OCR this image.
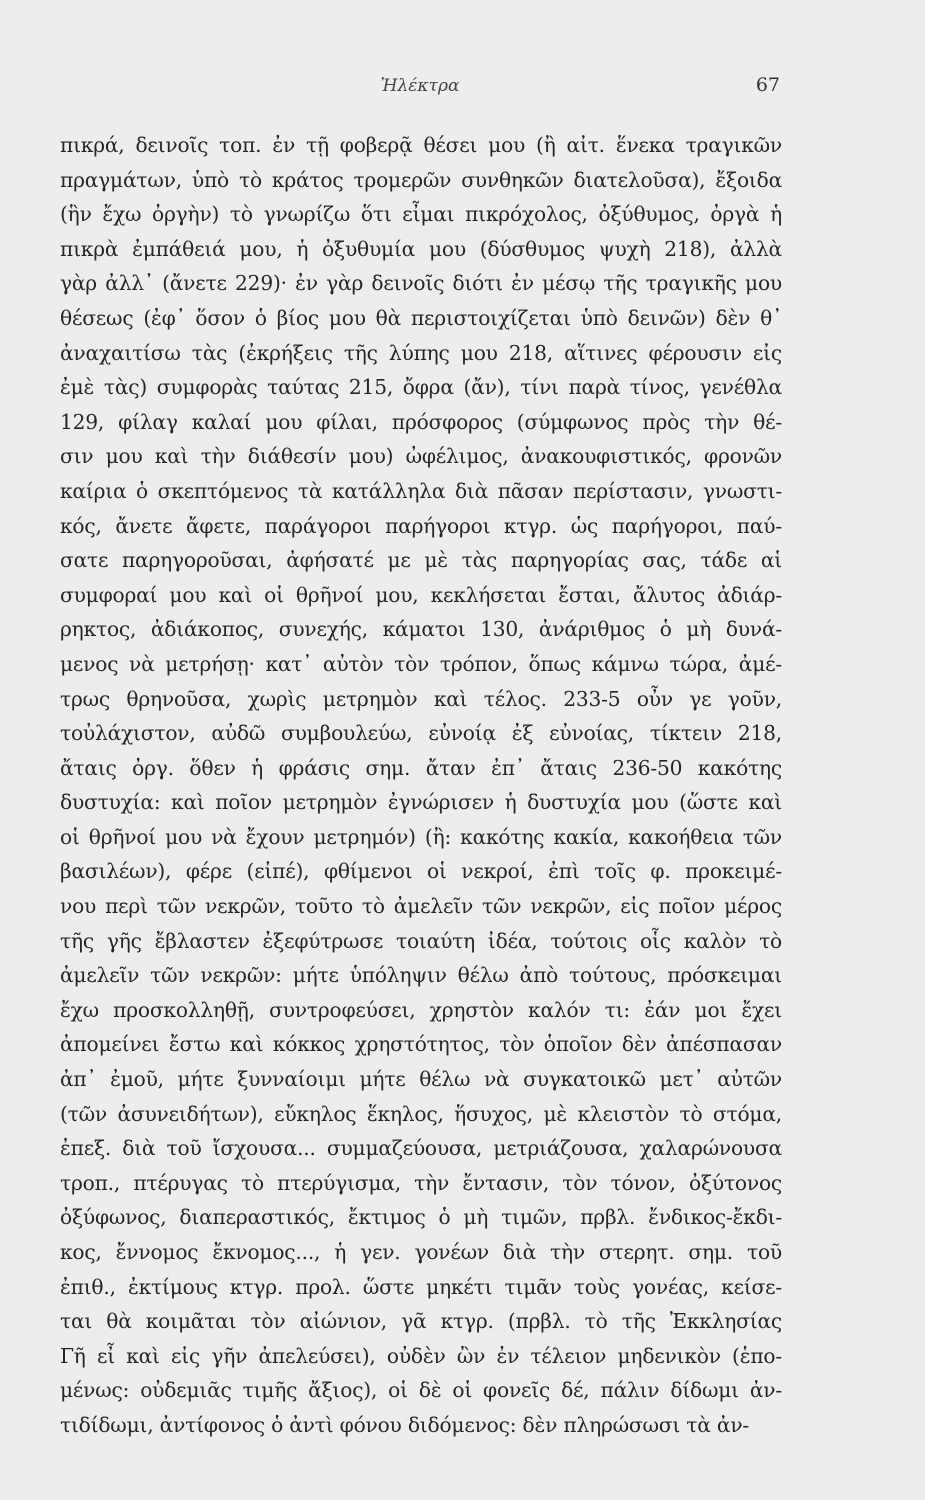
Ἠλέκτρα	67
πικρά, δεινοῖς τοπ. ἐν τῇ φοβερᾷ θέσει μου (ἢ αἰτ. ἕνεκα τραγικῶν
πραγμάτων, ὑπὸ τὸ κράτος τρομερῶν συνθηκῶν διατελοῦσα), ἔξοιδα
(ἣν ἔχω ὀργὴν) τὸ γνωρίζω ὅτι εἶμαι πικρόχολος, ὀξύθυμος, ὀργὰ ἡ
πικρὰ ἐμπάθειά μου, ἡ ὀξυθυμία μου (δύσθυμος ψυχὴ 218), ἀλλὰ
γὰρ ἀλλ᾽ (ἄνετε 229)· ἐν γὰρ δεινοῖς διότι ἐν μέσῳ τῆς τραγικῆς μου
θέσεως (ἐφ᾽ ὅσον ὁ βίος μου θὰ περιστοιχίζεται ὑπὸ δεινῶν) δὲν θ᾽
ἀναχαιτίσω τὰς (ἐκρήξεις τῆς λύπης μου 218, αἵτινες φέρουσιν εἰς
ἐμὲ τὰς) συμφορὰς ταύτας 215, ὄφρα (ἄν), τίνι παρὰ τίνος, γενέθλα
129, φίλαγ καλαί μου φίλαι, πρόσφορος (σύμφωνος πρὸς τὴν θέ-
σιν μου καὶ τὴν διάθεσίν μου) ὠφέλιμος, ἀνακουφιστικός, φρονῶν
καίρια ὁ σκεπτόμενος τὰ κατάλληλα διὰ πᾶσαν περίστασιν, γνωστι-
κός, ἄνετε ἄφετε, παράγοροι παρήγοροι κτγρ. ὡς παρήγοροι, παύ-
σατε παρηγοροῦσαι, ἀφήσατέ με μὲ τὰς παρηγορίας σας, τάδε αἱ
συμφοραί μου καὶ οἱ θρῆνοί μου, κεκλήσεται ἔσται, ἄλυτος ἀδιάρ-
ρηκτος, ἀδιάκοπος, συνεχής, κάματοι 130, ἀνάριθμος ὁ μὴ δυνά-
μενος νὰ μετρήσῃ· κατ᾽ αὐτὸν τὸν τρόπον, ὅπως κάμνω τώρα, ἀμέ-
τρως θρηνοῦσα, χωρὶς μετρημὸν καὶ τέλος. 233-5 οὖν γε γοῦν,
τοὐλάχιστον, αὐδῶ συμβουλεύω, εὐνοίᾳ ἐξ εὐνοίας, τίκτειν 218,
ἄταις ὀργ. ὅθεν ἡ φράσις σημ. ἄταν ἐπ᾽ ἄταις 236-50 κακότης
δυστυχία: καὶ ποῖον μετρημὸν ἐγνώρισεν ἡ δυστυχία μου (ὥστε καὶ
οἱ θρῆνοί μου νὰ ἔχουν μετρημόν) (ἢ: κακότης κακία, κακοήθεια τῶν
βασιλέων), φέρε (εἰπέ), φθίμενοι οἱ νεκροί, ἐπὶ τοῖς φ. προκειμέ-
νου περὶ τῶν νεκρῶν, τοῦτο τὸ ἀμελεῖν τῶν νεκρῶν, εἰς ποῖον μέρος
τῆς γῆς ἔβλαστεν ἐξεφύτρωσε τοιαύτη ἰδέα, τούτοις οἷς καλὸν τὸ
ἀμελεῖν τῶν νεκρῶν: μήτε ὑπόληψιν θέλω ἀπὸ τούτους, πρόσκειμαι
ἔχω προσκολληθῇ, συντροφεύσει, χρηστὸν καλόν τι: ἐάν μοι ἔχει
ἀπομείνει ἔστω καὶ κόκκος χρηστότητος, τὸν ὁποῖον δὲν ἀπέσπασαν
ἀπ᾽ ἐμοῦ, μήτε ξυνναίοιμι μήτε θέλω νὰ συγκατοικῶ μετ᾽ αὐτῶν
(τῶν ἀσυνειδήτων), εὔκηλος ἕκηλος, ἥσυχος, μὲ κλειστὸν τὸ στόμα,
ἐπεξ. διὰ τοῦ ἴσχουσα... συμμαζεύουσα, μετριάζουσα, χαλαρώνουσα
τροπ., πτέρυγας τὸ πτερύγισμα, τὴν ἔντασιν, τὸν τόνον, ὀξύτονος
ὀξύφωνος, διαπεραστικός, ἔκτιμος ὁ μὴ τιμῶν, πρβλ. ἔνδικος-ἔκδι-
κος, ἔννομος ἔκνομος..., ἡ γεν. γονέων διὰ τὴν στερητ. σημ. τοῦ
ἐπιθ., ἐκτίμους κτγρ. προλ. ὥστε μηκέτι τιμᾶν τοὺς γονέας, κείσε-
ται θὰ κοιμᾶται τὸν αἰώνιον, γᾶ κτγρ. (πρβλ. τὸ τῆς Ἐκκλησίας
Γῆ εἶ καὶ εἰς γῆν ἀπελεύσει), οὐδὲν ὢν ἐν τέλειον μηδενικὸν (ἑπο-
μένως: οὐδεμιᾶς τιμῆς ἄξιος), οἱ δὲ οἱ φονεῖς δέ, πάλιν δίδωμι ἀν-
τιδίδωμι, ἀντίφονος ὁ ἀντὶ φόνου διδόμενος: δὲν πληρώσωσι τὰ ἀν-
